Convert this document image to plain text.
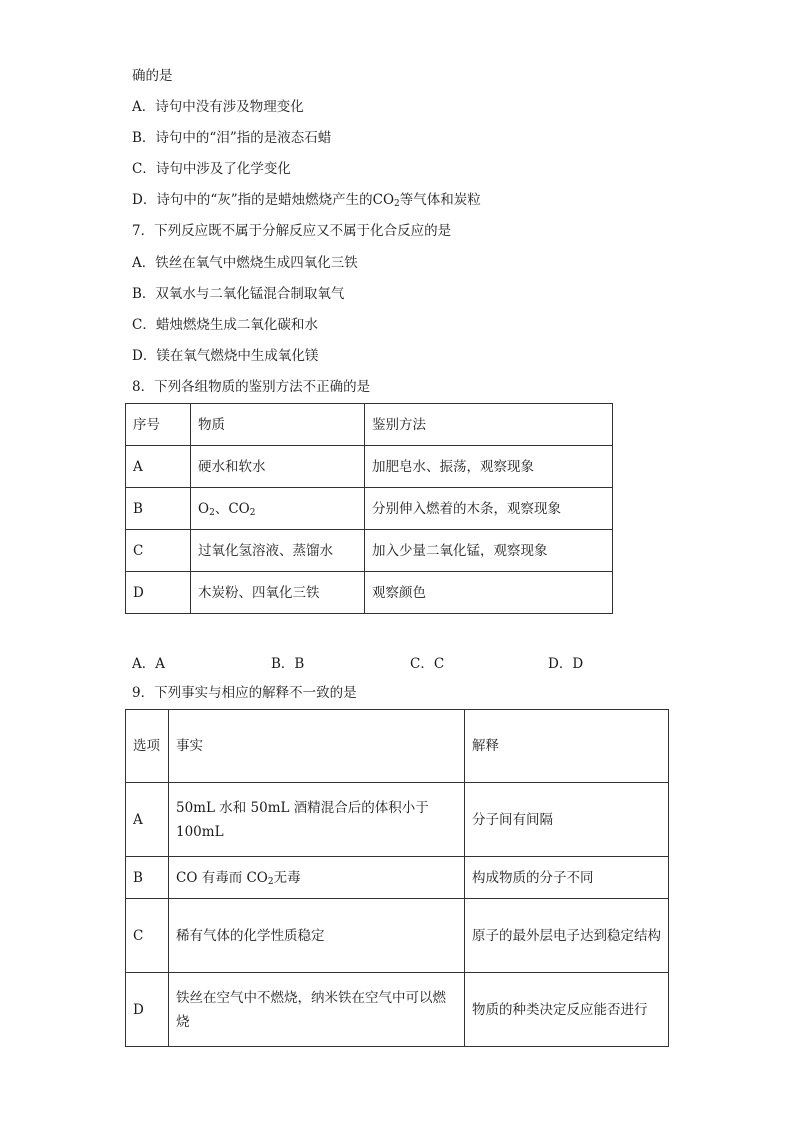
确的是
A．诗句中没有涉及物理变化
B．诗句中的“泪”指的是液态石蜡
C．诗句中涉及了化学变化
D．诗句中的“灰”指的是蜡烛燃烧产生的$CO_2$等气体和炭粒
7．下列反应既不属于分解反应又不属于化合反应的是
A．铁丝在氧气中燃烧生成四氧化三铁
B．双氧水与二氧化锰混合制取氧气
C．蜡烛燃烧生成二氧化碳和水
D．镁在氧气燃烧中生成氧化镁
8．下列各组物质的鉴别方法不正确的是
序号	物质	鉴别方法
A	硬水和软水	加肥皂水、振荡，观察现象
B	$O_2$、$CO_2$	分别伸入燃着的木条，观察现象
C	过氧化氢溶液、蒸馏水	加入少量二氧化锰，观察现象
D	木炭粉、四氧化三铁	观察颜色
A．A	B．B	C．C	D．D
9．下列事实与相应的解释不一致的是
选项	事实	解释
A	50mL 水和 50mL 酒精混合后的体积小于 100mL	分子间有间隔
B	CO 有毒而 $CO_2$无毒	构成物质的分子不同
C	稀有气体的化学性质稳定	原子的最外层电子达到稳定结构
D	铁丝在空气中不燃烧，纳米铁在空气中可以燃烧	物质的种类决定反应能否进行
